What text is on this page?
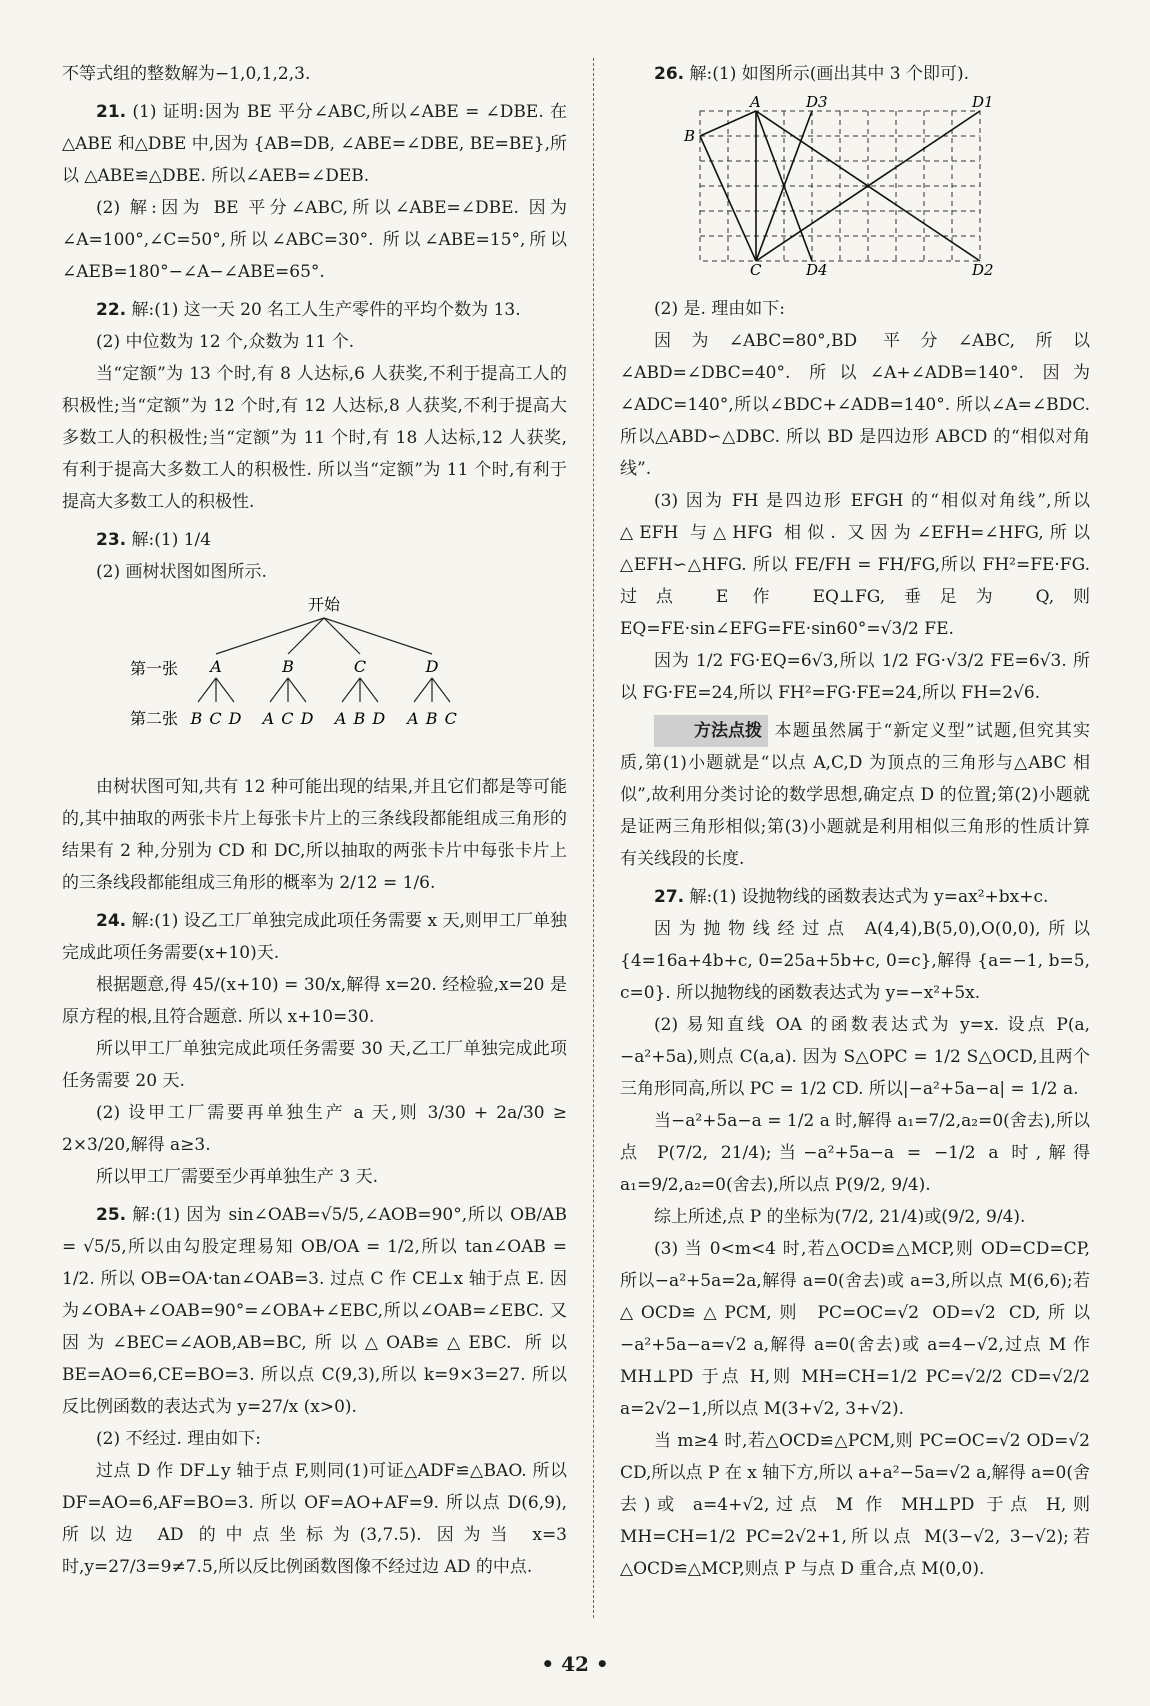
不等式组的整数解为−1,0,1,2,3.

21. (1) 证明:因为 BE 平分∠ABC,所以∠ABE = ∠DBE. 在△ABE 和△DBE 中,因为 {AB=DB, ∠ABE=∠DBE, BE=BE},所以 △ABE≌△DBE. 所以∠AEB=∠DEB.

(2) 解:因为 BE 平分∠ABC,所以∠ABE=∠DBE. 因为∠A=100°,∠C=50°,所以∠ABC=30°. 所以∠ABE=15°,所以∠AEB=180°−∠A−∠ABE=65°.

22. 解:(1) 这一天 20 名工人生产零件的平均个数为 13.

(2) 中位数为 12 个,众数为 11 个.

当“定额”为 13 个时,有 8 人达标,6 人获奖,不利于提高工人的积极性;当“定额”为 12 个时,有 12 人达标,8 人获奖,不利于提高大多数工人的积极性;当“定额”为 11 个时,有 18 人达标,12 人获奖,有利于提高大多数工人的积极性. 所以当“定额”为 11 个时,有利于提高大多数工人的积极性.

23. 解:(1) 1/4

(2) 画树状图如图所示.

开始
第一张 A	B	C	D
第二张 B C D A C D A B D A B C

由树状图可知,共有 12 种可能出现的结果,并且它们都是等可能的,其中抽取的两张卡片上每张卡片上的三条线段都能组成三角形的结果有 2 种,分别为 CD 和 DC,所以抽取的两张卡片中每张卡片上的三条线段都能组成三角形的概率为 2/12 = 1/6.

24. 解:(1) 设乙工厂单独完成此项任务需要 x 天,则甲工厂单独完成此项任务需要(x+10)天.

根据题意,得 45/(x+10) = 30/x,解得 x=20. 经检验,x=20 是原方程的根,且符合题意. 所以 x+10=30.

所以甲工厂单独完成此项任务需要 30 天,乙工厂单独完成此项任务需要 20 天.

(2) 设甲工厂需要再单独生产 a 天,则 3/30 + 2a/30 ≥ 2×3/20,解得 a≥3.

所以甲工厂需要至少再单独生产 3 天.

25. 解:(1) 因为 sin∠OAB=√5/5,∠AOB=90°,所以 OB/AB = √5/5,所以由勾股定理易知 OB/OA = 1/2,所以 tan∠OAB = 1/2. 所以 OB=OA·tan∠OAB=3. 过点 C 作 CE⊥x 轴于点 E. 因为∠OBA+∠OAB=90°=∠OBA+∠EBC,所以∠OAB=∠EBC. 又因为∠BEC=∠AOB,AB=BC,所以△OAB≌△EBC. 所以 BE=AO=6,CE=BO=3. 所以点 C(9,3),所以 k=9×3=27. 所以反比例函数的表达式为 y=27/x (x>0).

(2) 不经过. 理由如下:

过点 D 作 DF⊥y 轴于点 F,则同(1)可证△ADF≌△BAO. 所以 DF=AO=6,AF=BO=3. 所以 OF=AO+AF=9. 所以点 D(6,9),所以边 AD 的中点坐标为(3,7.5). 因为当 x=3 时,y=27/3=9≠7.5,所以反比例函数图像不经过边 AD 的中点.

26. 解:(1) 如图所示(画出其中 3 个即可).

A	D3	D1
B
C	D4	D2

(2) 是. 理由如下:

因为∠ABC=80°,BD 平分∠ABC,所以∠ABD=∠DBC=40°. 所以∠A+∠ADB=140°. 因为∠ADC=140°,所以∠BDC+∠ADB=140°. 所以∠A=∠BDC. 所以△ABD∽△DBC. 所以 BD 是四边形 ABCD 的“相似对角线”.

(3) 因为 FH 是四边形 EFGH 的“相似对角线”,所以△EFH 与△HFG 相似. 又因为∠EFH=∠HFG,所以△EFH∽△HFG. 所以 FE/FH = FH/FG,所以 FH²=FE·FG. 过点 E 作 EQ⊥FG,垂足为 Q,则 EQ=FE·sin∠EFG=FE·sin60°=√3/2 FE.

因为 1/2 FG·EQ=6√3,所以 1/2 FG·√3/2 FE=6√3. 所以 FG·FE=24,所以 FH²=FG·FE=24,所以 FH=2√6.

方法点拨 本题虽然属于“新定义型”试题,但究其实质,第(1)小题就是“以点 A,C,D 为顶点的三角形与△ABC 相似”,故利用分类讨论的数学思想,确定点 D 的位置;第(2)小题就是证两三角形相似;第(3)小题就是利用相似三角形的性质计算有关线段的长度.

27. 解:(1) 设抛物线的函数表达式为 y=ax²+bx+c.

因为抛物线经过点 A(4,4),B(5,0),O(0,0),所以 {4=16a+4b+c, 0=25a+5b+c, 0=c},解得 {a=−1, b=5, c=0}. 所以抛物线的函数表达式为 y=−x²+5x.

(2) 易知直线 OA 的函数表达式为 y=x. 设点 P(a,−a²+5a),则点 C(a,a). 因为 S△OPC = 1/2 S△OCD,且两个三角形同高,所以 PC = 1/2 CD. 所以|−a²+5a−a| = 1/2 a.

当−a²+5a−a = 1/2 a 时,解得 a₁=7/2,a₂=0(舍去),所以点 P(7/2, 21/4);当−a²+5a−a = −1/2 a 时,解得 a₁=9/2,a₂=0(舍去),所以点 P(9/2, 9/4).

综上所述,点 P 的坐标为(7/2, 21/4)或(9/2, 9/4).

(3) 当 0<m<4 时,若△OCD≌△MCP,则 OD=CD=CP,所以−a²+5a=2a,解得 a=0(舍去)或 a=3,所以点 M(6,6);若△OCD≌△PCM,则 PC=OC=√2 OD=√2 CD,所以−a²+5a−a=√2 a,解得 a=0(舍去)或 a=4−√2,过点 M 作 MH⊥PD 于点 H,则 MH=CH=1/2 PC=√2/2 CD=√2/2 a=2√2−1,所以点 M(3+√2, 3+√2).

当 m≥4 时,若△OCD≌△PCM,则 PC=OC=√2 OD=√2 CD,所以点 P 在 x 轴下方,所以 a+a²−5a=√2 a,解得 a=0(舍去)或 a=4+√2,过点 M 作 MH⊥PD 于点 H,则 MH=CH=1/2 PC=2√2+1,所以点 M(3−√2, 3−√2);若△OCD≌△MCP,则点 P 与点 D 重合,点 M(0,0).

• 42 •
